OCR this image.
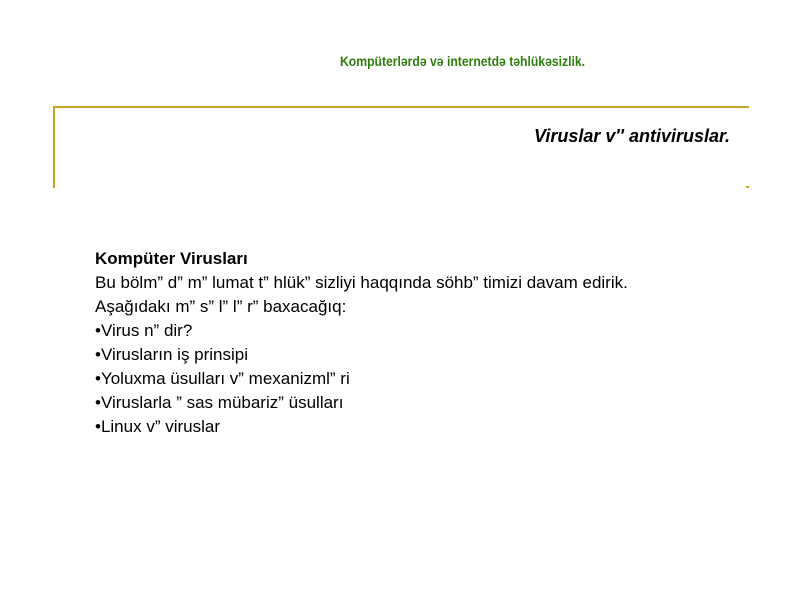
Kompüterlərdə və internetdə təhlükəsizlik.
Viruslar v'' antiviruslar.
Kompüter Virusları
Bu bölm” d” m” lumat t” hlük” sizliyi haqqında söhb” timizi davam edirik.
Aşağıdakı m” s” l” l” r” baxacağıq:
•Virus n” dir?
•Virusların iş prinsipi
•Yoluxma üsulları v” mexanizml” ri
•Viruslarla ” sas mübariz” üsulları
•Linux v” viruslar
